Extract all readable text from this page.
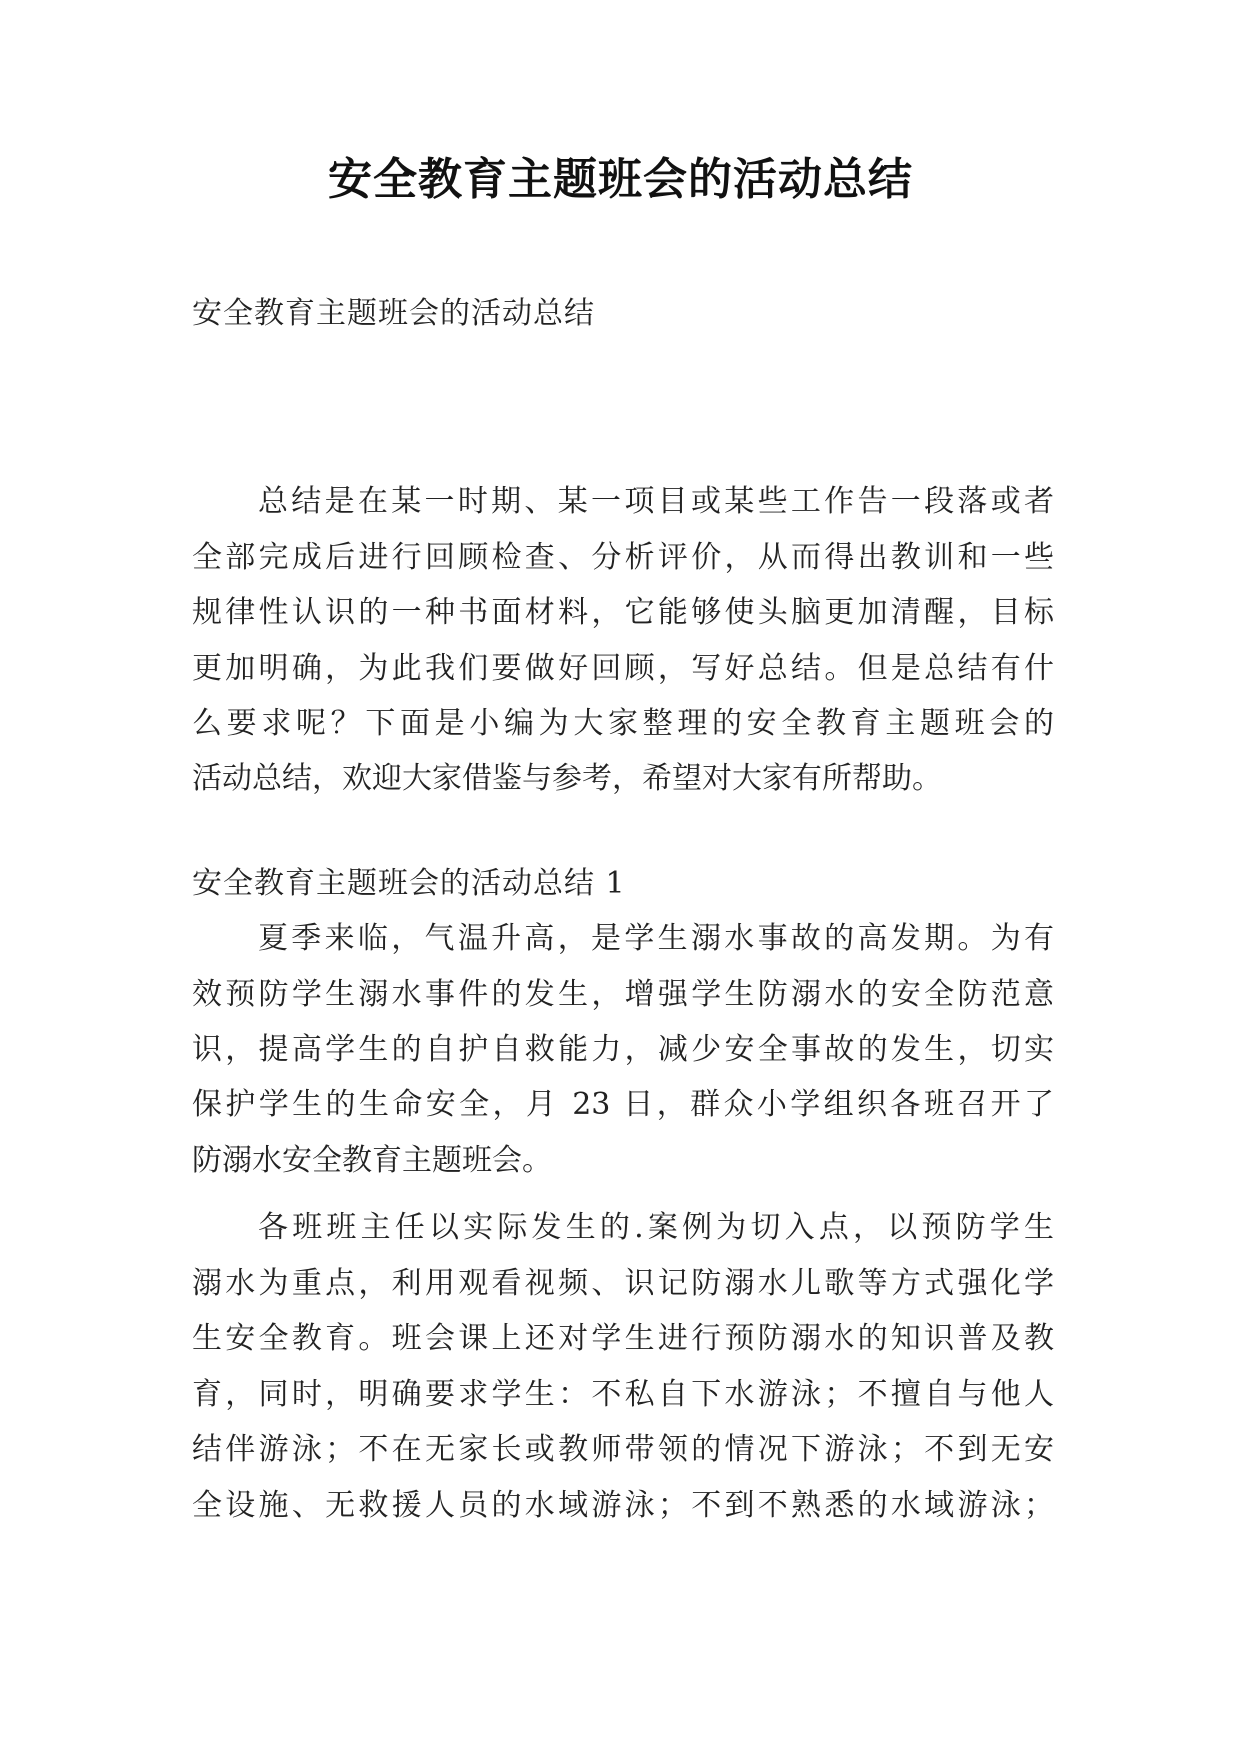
安全教育主题班会的活动总结
安全教育主题班会的活动总结
总结是在某一时期、某一项目或某些工作告一段落或者
全部完成后进行回顾检查、分析评价，从而得出教训和一些
规律性认识的一种书面材料，它能够使头脑更加清醒，目标
更加明确，为此我们要做好回顾，写好总结。但是总结有什
么要求呢？下面是小编为大家整理的安全教育主题班会的
活动总结，欢迎大家借鉴与参考，希望对大家有所帮助。
安全教育主题班会的活动总结 1
夏季来临，气温升高，是学生溺水事故的高发期。为有
效预防学生溺水事件的发生，增强学生防溺水的安全防范意
识，提高学生的自护自救能力，减少安全事故的发生，切实
保护学生的生命安全，月 23 日，群众小学组织各班召开了
防溺水安全教育主题班会。
各班班主任以实际发生的.案例为切入点，以预防学生
溺水为重点，利用观看视频、识记防溺水儿歌等方式强化学
生安全教育。班会课上还对学生进行预防溺水的知识普及教
育，同时，明确要求学生：不私自下水游泳；不擅自与他人
结伴游泳；不在无家长或教师带领的情况下游泳；不到无安
全设施、无救援人员的水域游泳；不到不熟悉的水域游泳；
